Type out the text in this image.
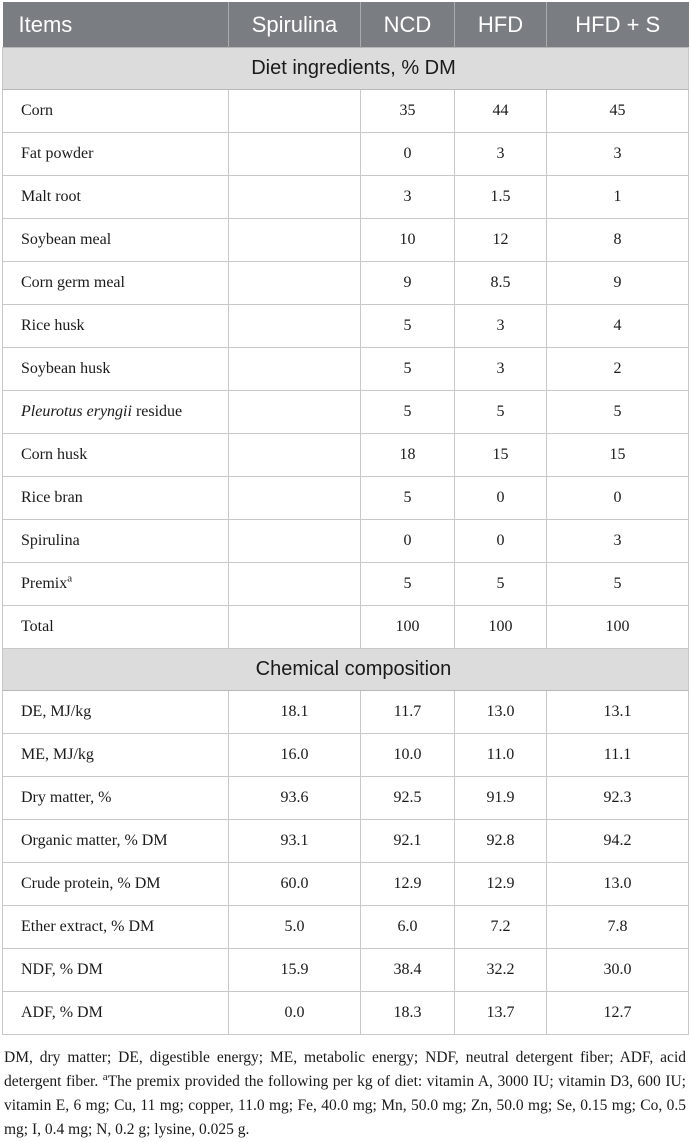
Items	Spirulina	NCD	HFD	HFD + S
Diet ingredients, % DM				
Corn		35	44	45
Fat powder		0	3	3
Malt root		3	1.5	1
Soybean meal		10	12	8
Corn germ meal		9	8.5	9
Rice husk		5	3	4
Soybean husk		5	3	2
Pleurotus eryngii residue		5	5	5
Corn husk		18	15	15
Rice bran		5	0	0
Spirulina		0	0	3
Premix$^a$		5	5	5
Total		100	100	100
Chemical composition				
DE, MJ/kg	18.1	11.7	13.0	13.1
ME, MJ/kg	16.0	10.0	11.0	11.1
Dry matter, %	93.6	92.5	91.9	92.3
Organic matter, % DM	93.1	92.1	92.8	94.2
Crude protein, % DM	60.0	12.9	12.9	13.0
Ether extract, % DM	5.0	6.0	7.2	7.8
NDF, % DM	15.9	38.4	32.2	30.0
ADF, % DM	0.0	18.3	13.7	12.7
DM, dry matter; DE, digestible energy; ME, metabolic energy; NDF, neutral detergent fiber; ADF, acid detergent fiber. $^a$The premix provided the following per kg of diet: vitamin A, 3000 IU; vitamin D3, 600 IU; vitamin E, 6 mg; Cu, 11 mg; copper, 11.0 mg; Fe, 40.0 mg; Mn, 50.0 mg; Zn, 50.0 mg; Se, 0.15 mg; Co, 0.5 mg; I, 0.4 mg; N, 0.2 g; lysine, 0.025 g.
